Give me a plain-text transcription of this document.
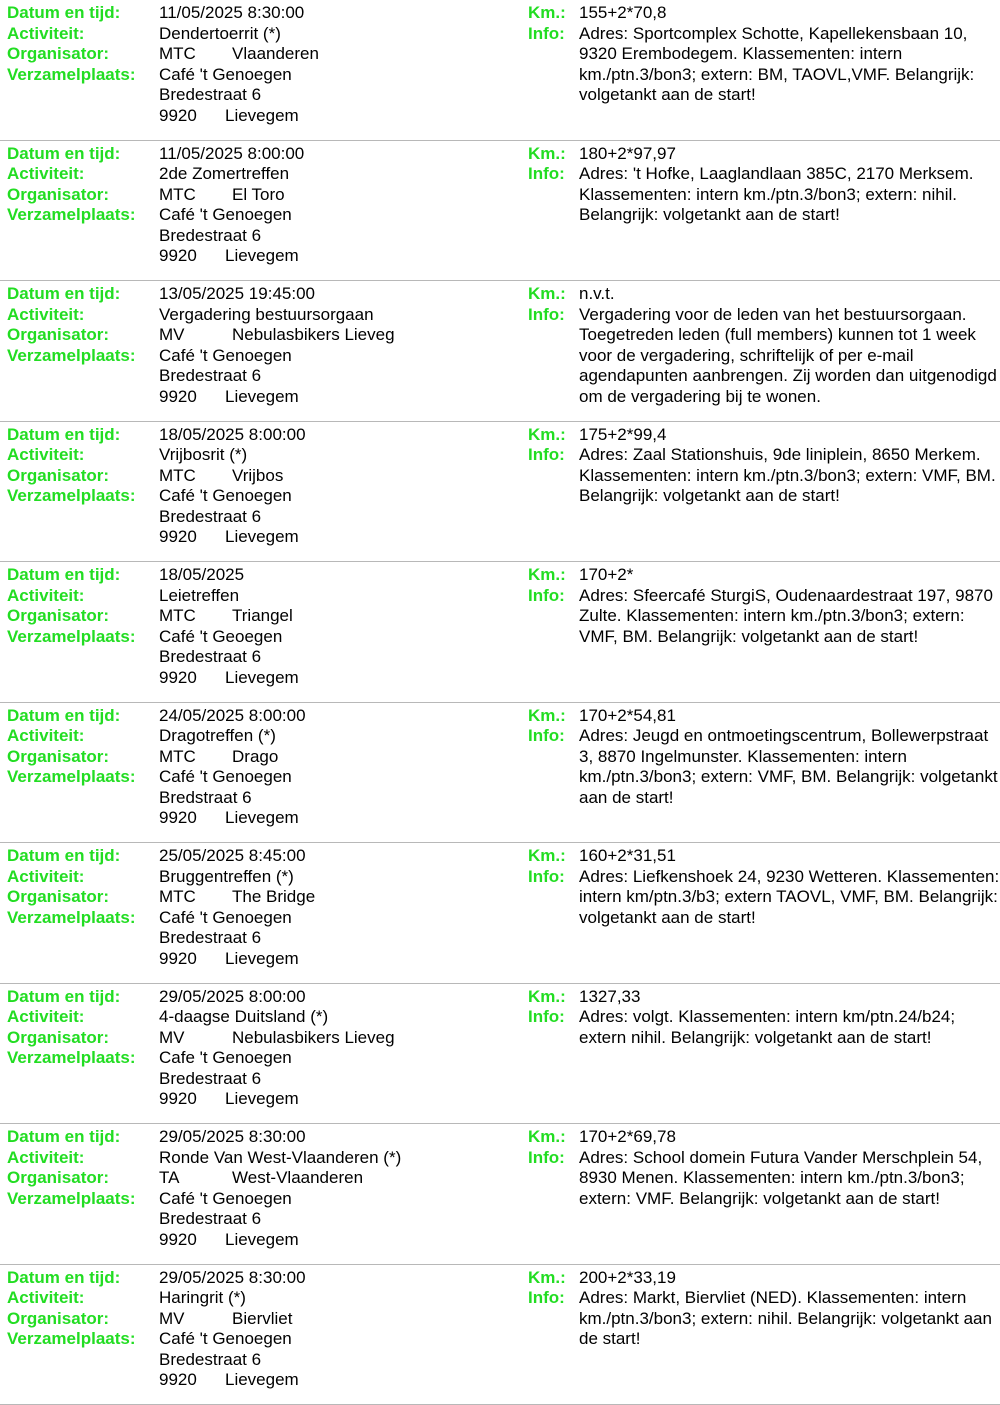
Datum en tijd:	11/05/2025 8:30:00
Activiteit:	Dendertoerrit (*)
Organisator:	MTC Vlaanderen
Verzamelplaats:	Café 't Genoegen
Bredestraat 6
9920 Lievegem
Km.: 155+2*70,8
Info: Adres: Sportcomplex Schotte, Kapellekensbaan 10, 9320 Erembodegem. Klassementen: intern km./ptn.3/bon3; extern: BM, TAOVL,VMF. Belangrijk: volgetankt aan de start!
Datum en tijd:	11/05/2025 8:00:00
Activiteit:	2de Zomertreffen
Organisator:	MTC El Toro
Verzamelplaats:	Café 't Genoegen
Bredestraat 6
9920 Lievegem
Km.: 180+2*97,97
Info: Adres: 't Hofke, Laaglandlaan 385C, 2170 Merksem. Klassementen: intern km./ptn.3/bon3; extern: nihil. Belangrijk: volgetankt aan de start!
Datum en tijd:	13/05/2025 19:45:00
Activiteit:	Vergadering bestuursorgaan
Organisator:	MV	Nebulasbikers Lieveg
Verzamelplaats:	Café 't Genoegen
Bredestraat 6
9920 Lievegem
Km.: n.v.t.
Info: Vergadering voor de leden van het bestuursorgaan. Toegetreden leden (full members) kunnen tot 1 week voor de vergadering, schriftelijk of per e-mail agendapunten aanbrengen. Zij worden dan uitgenodigd om de vergadering bij te wonen.
Datum en tijd:	18/05/2025 8:00:00
Activiteit:	Vrijbosrit (*)
Organisator:	MTC Vrijbos
Verzamelplaats:	Café 't Genoegen
Bredestraat 6
9920 Lievegem
Km.: 175+2*99,4
Info: Adres: Zaal Stationshuis, 9de liniplein, 8650 Merkem. Klassementen: intern km./ptn.3/bon3; extern: VMF, BM. Belangrijk: volgetankt aan de start!
Datum en tijd:	18/05/2025
Activiteit:	Leietreffen
Organisator:	MTC Triangel
Verzamelplaats:	Café 't Geoegen
Bredestraat 6
9920 Lievegem
Km.: 170+2*
Info: Adres: Sfeercafé SturgiS, Oudenaardestraat 197, 9870 Zulte. Klassementen: intern km./ptn.3/bon3; extern: VMF, BM. Belangrijk: volgetankt aan de start!
Datum en tijd:	24/05/2025 8:00:00
Activiteit:	Dragotreffen (*)
Organisator:	MTC Drago
Verzamelplaats:	Café 't Genoegen
Bredstraat 6
9920 Lievegem
Km.: 170+2*54,81
Info: Adres: Jeugd en ontmoetingscentrum, Bollewerpstraat 3, 8870 Ingelmunster. Klassementen: intern km./ptn.3/bon3; extern: VMF, BM. Belangrijk: volgetankt aan de start!
Datum en tijd:	25/05/2025 8:45:00
Activiteit:	Bruggentreffen (*)
Organisator:	MTC The Bridge
Verzamelplaats:	Café 't Genoegen
Bredestraat 6
9920 Lievegem
Km.: 160+2*31,51
Info: Adres: Liefkenshoek 24, 9230 Wetteren. Klassementen: intern km/ptn.3/b3; extern TAOVL, VMF, BM. Belangrijk: volgetankt aan de start!
Datum en tijd:	29/05/2025 8:00:00
Activiteit:	4-daagse Duitsland (*)
Organisator:	MV	Nebulasbikers Lieveg
Verzamelplaats:	Cafe 't Genoegen
Bredestraat 6
9920 Lievegem
Km.: 1327,33
Info: Adres: volgt. Klassementen: intern km/ptn.24/b24; extern nihil. Belangrijk: volgetankt aan de start!
Datum en tijd:	29/05/2025 8:30:00
Activiteit:	Ronde Van West-Vlaanderen (*)
Organisator:	TA	West-Vlaanderen
Verzamelplaats:	Café 't Genoegen
Bredestraat 6
9920 Lievegem
Km.: 170+2*69,78
Info: Adres: School domein Futura Vander Merschplein 54, 8930 Menen. Klassementen: intern km./ptn.3/bon3; extern: VMF. Belangrijk: volgetankt aan de start!
Datum en tijd:	29/05/2025 8:30:00
Activiteit:	Haringrit (*)
Organisator:	MV	Biervliet
Verzamelplaats:	Café 't Genoegen
Bredestraat 6
9920 Lievegem
Km.: 200+2*33,19
Info: Adres: Markt, Biervliet (NED). Klassementen: intern km./ptn.3/bon3; extern: nihil. Belangrijk: volgetankt aan de start!
